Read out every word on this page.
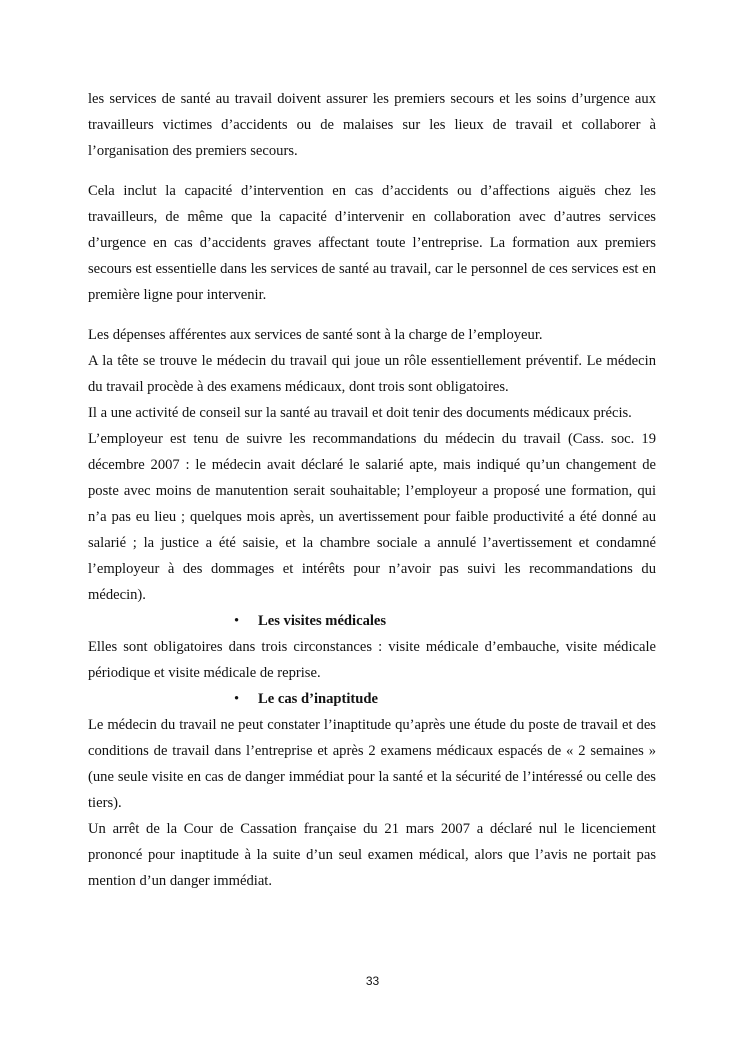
les services de santé au travail doivent assurer les premiers secours et les soins d’urgence aux travailleurs victimes d’accidents ou de malaises sur les lieux de travail et collaborer à l’organisation des premiers secours.

Cela inclut la capacité d’intervention en cas d’accidents ou d’affections aiguës chez les travailleurs, de même que la capacité d’intervenir en collaboration avec d’autres services d’urgence en cas d’accidents graves affectant toute l’entreprise. La formation aux premiers secours est essentielle dans les services de santé au travail, car le personnel de ces services est en première ligne pour intervenir.

Les dépenses afférentes aux services de santé sont à la charge de l’employeur.

A la tête se trouve le médecin du travail qui joue un rôle essentiellement préventif. Le médecin du travail procède à des examens médicaux, dont trois sont obligatoires.

Il a une activité de conseil sur la santé au travail et doit tenir des documents médicaux précis.

L’employeur est tenu de suivre les recommandations du médecin du travail (Cass. soc. 19 décembre 2007 : le médecin avait déclaré le salarié apte, mais indiqué qu’un changement de poste avec moins de manutention serait souhaitable; l’employeur a proposé une formation, qui n’a pas eu lieu ; quelques mois après, un avertissement pour faible productivité a été donné au salarié ; la justice a été saisie, et la chambre sociale a annulé l’avertissement et condamné l’employeur à des dommages et intérêts pour n’avoir pas suivi les recommandations du médecin).

•	Les visites médicales

Elles sont obligatoires dans trois circonstances : visite médicale d’embauche, visite médicale périodique et visite médicale de reprise.

•	Le cas d’inaptitude

Le médecin du travail ne peut constater l’inaptitude qu’après une étude du poste de travail et des conditions de travail dans l’entreprise et après 2 examens médicaux espacés de « 2 semaines » (une seule visite en cas de danger immédiat pour la santé et la sécurité de l’intéressé ou celle des tiers).

Un arrêt de la Cour de Cassation française du 21 mars 2007 a déclaré nul le licenciement prononcé pour inaptitude à la suite d’un seul examen médical, alors que l’avis ne portait pas mention d’un danger immédiat.

33
